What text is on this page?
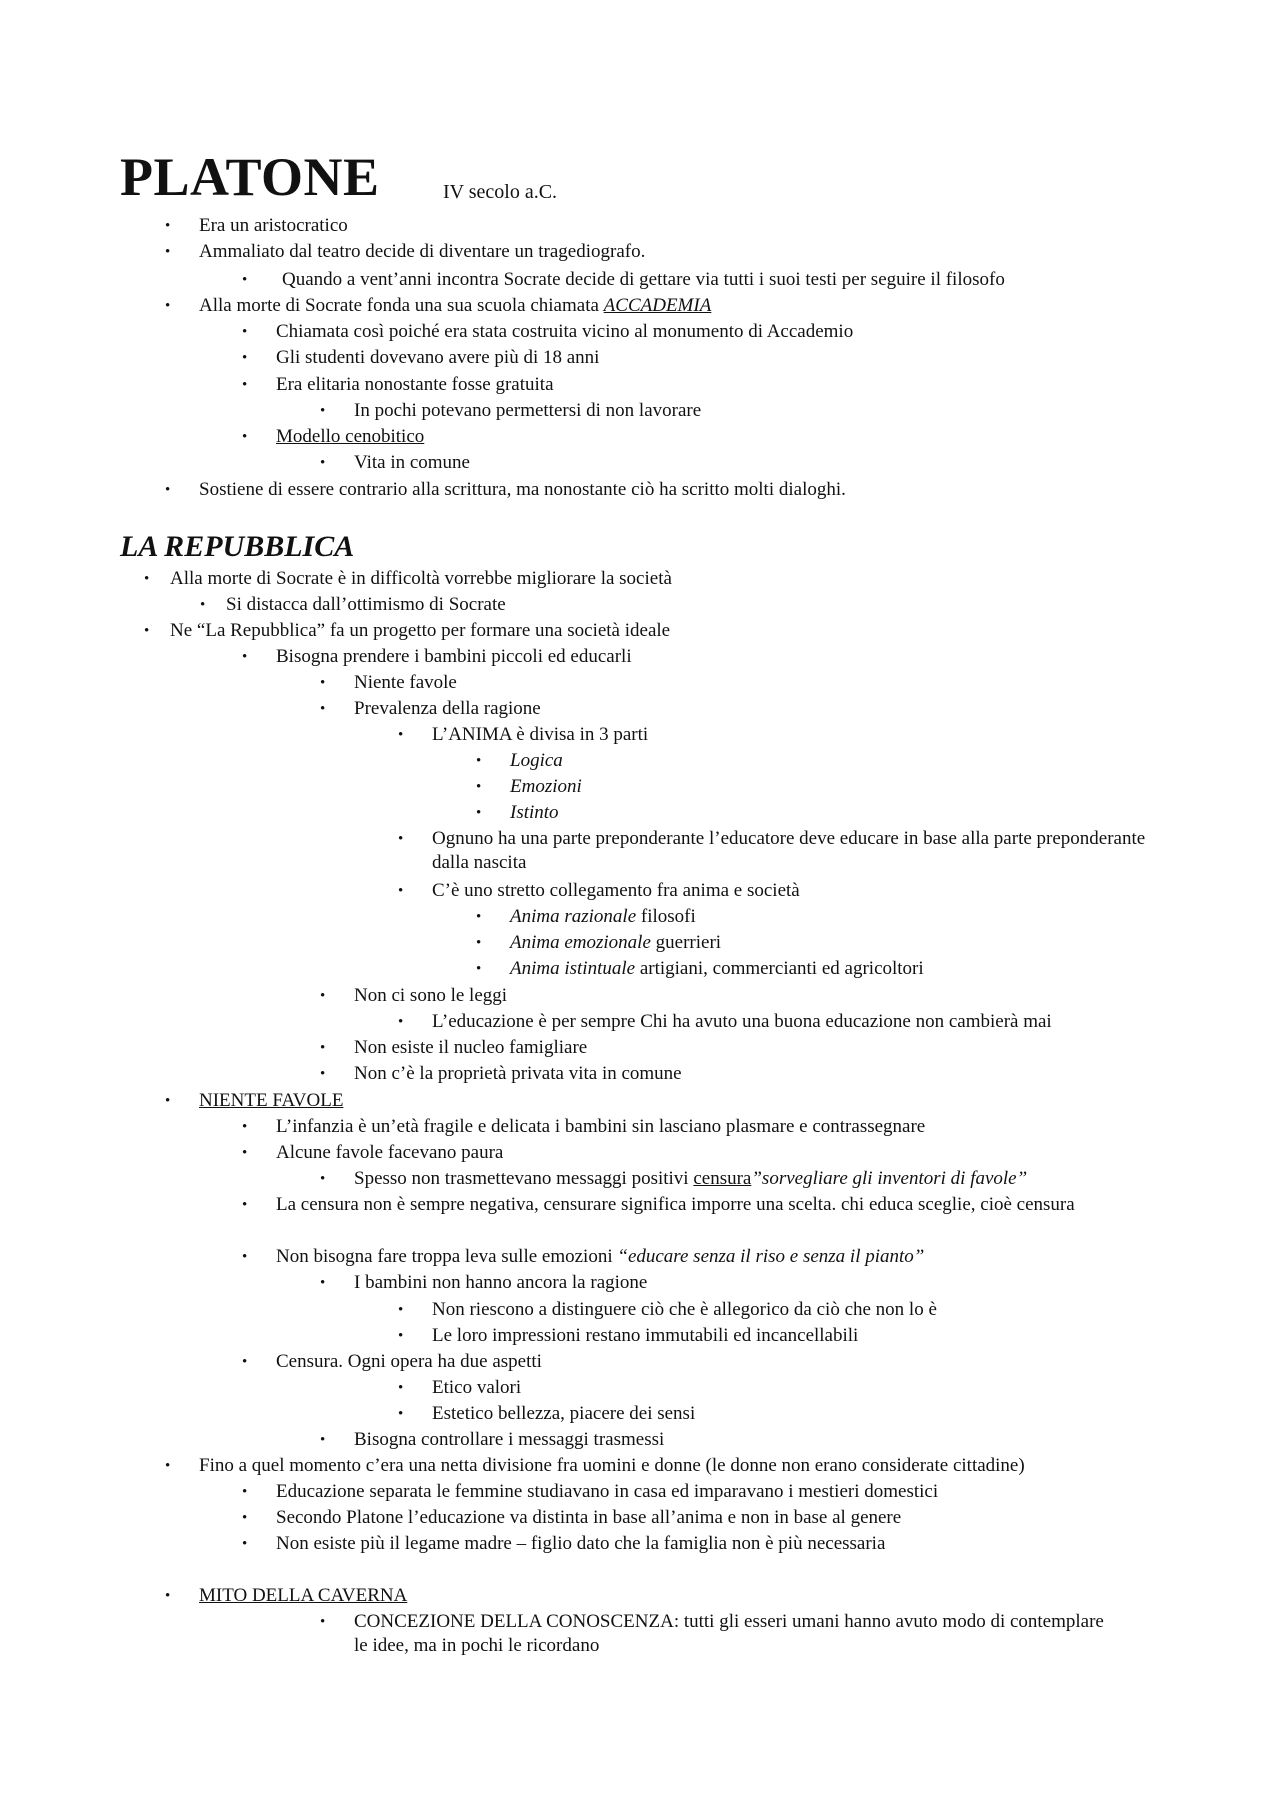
PLATONE	IV secolo a.C.
• Era un aristocratico
• Ammaliato dal teatro decide di diventare un tragediografo.
• Quando a vent’anni incontra Socrate decide di gettare via tutti i suoi testi per seguire il filosofo
• Alla morte di Socrate fonda una sua scuola chiamata ACCADEMIA
• Chiamata così poiché era stata costruita vicino al monumento di Accademio
• Gli studenti dovevano avere più di 18 anni
• Era elitaria nonostante fosse gratuita
• In pochi potevano permettersi di non lavorare
• Modello cenobitico
• Vita in comune
• Sostiene di essere contrario alla scrittura, ma nonostante ciò ha scritto molti dialoghi.
LA REPUBBLICA
• Alla morte di Socrate è in difficoltà vorrebbe migliorare la società
• Si distacca dall’ottimismo di Socrate
• Ne “La Repubblica” fa un progetto per formare una società ideale
• Bisogna prendere i bambini piccoli ed educarli
• Niente favole
• Prevalenza della ragione
• L’ANIMA è divisa in 3 parti
• Logica
• Emozioni
• Istinto
• Ognuno ha una parte preponderante l’educatore deve educare in base alla parte preponderante dalla nascita
• C’è uno stretto collegamento fra anima e società
• Anima razionale filosofi
• Anima emozionale guerrieri
• Anima istintuale artigiani, commercianti ed agricoltori
• Non ci sono le leggi
• L’educazione è per sempre Chi ha avuto una buona educazione non cambierà mai
• Non esiste il nucleo famigliare
• Non c’è la proprietà privata vita in comune
• NIENTE FAVOLE
• L’infanzia è un’età fragile e delicata i bambini sin lasciano plasmare e contrassegnare
• Alcune favole facevano paura
• Spesso non trasmettevano messaggi positivi censura”sorvegliare gli inventori di favole”
• La censura non è sempre negativa, censurare significa imporre una scelta. chi educa sceglie, cioè censura
• Non bisogna fare troppa leva sulle emozioni “educare senza il riso e senza il pianto”
• I bambini non hanno ancora la ragione
• Non riescono a distinguere ciò che è allegorico da ciò che non lo è
• Le loro impressioni restano immutabili ed incancellabili
• Censura. Ogni opera ha due aspetti
• Etico valori
• Estetico bellezza, piacere dei sensi
• Bisogna controllare i messaggi trasmessi
• Fino a quel momento c’era una netta divisione fra uomini e donne (le donne non erano considerate cittadine)
• Educazione separata le femmine studiavano in casa ed imparavano i mestieri domestici
• Secondo Platone l’educazione va distinta in base all’anima e non in base al genere
• Non esiste più il legame madre – figlio dato che la famiglia non è più necessaria
• MITO DELLA CAVERNA
• CONCEZIONE DELLA CONOSCENZA: tutti gli esseri umani hanno avuto modo di contemplare le idee, ma in pochi le ricordano
